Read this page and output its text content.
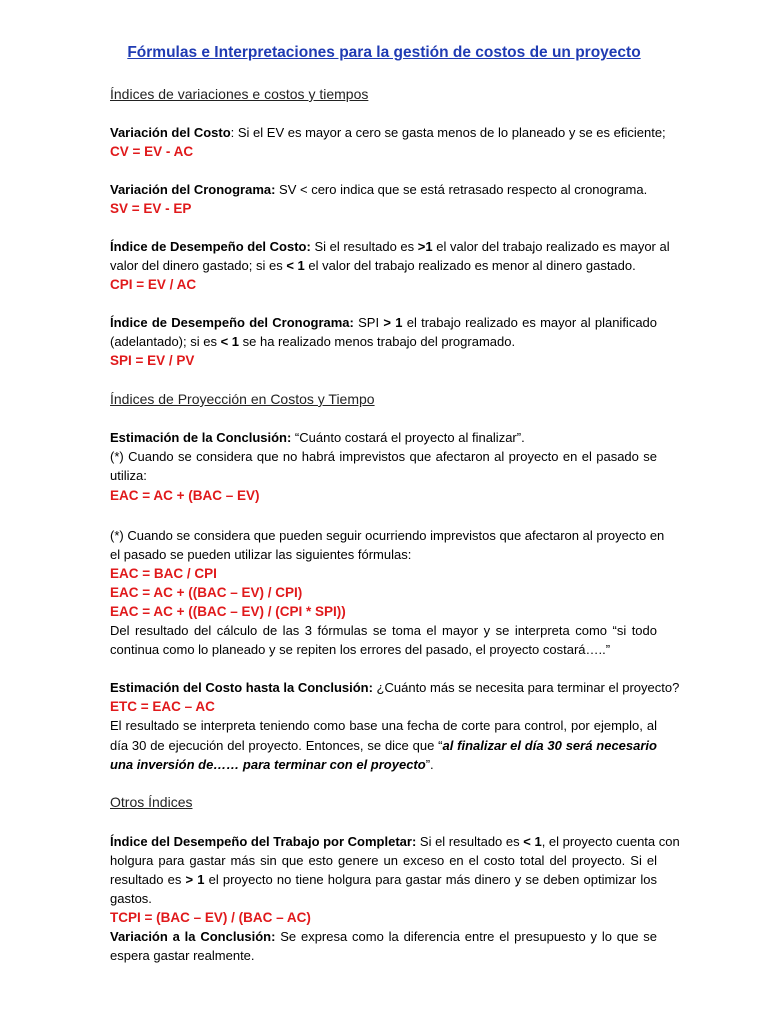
Fórmulas e Interpretaciones para la gestión de costos de un proyecto
Índices de variaciones e costos y tiempos
Variación del Costo: Si el EV es mayor a cero se gasta menos de lo planeado y se es eficiente;
CV = EV - AC
Variación del Cronograma: SV < cero indica que se está retrasado respecto al cronograma.
SV = EV - EP
Índice de Desempeño del Costo: Si el resultado es >1 el valor del trabajo realizado es mayor al
valor del dinero gastado; si es < 1 el valor del trabajo realizado es menor al dinero gastado.
CPI = EV / AC
Índice de Desempeño del Cronograma: SPI > 1 el trabajo realizado es mayor al planificado
(adelantado); si es < 1 se ha realizado menos trabajo del programado.
SPI = EV / PV
Índices de Proyección en Costos y Tiempo
Estimación de la Conclusión: “Cuánto costará el proyecto al finalizar”.
(*) Cuando se considera que no habrá imprevistos que afectaron al proyecto en el pasado se
utiliza:
EAC = AC + (BAC – EV)
(*) Cuando se considera que pueden seguir ocurriendo imprevistos que afectaron al proyecto en
el pasado se pueden utilizar las siguientes fórmulas:
EAC = BAC / CPI
EAC = AC + ((BAC – EV) / CPI)
EAC = AC + ((BAC – EV) / (CPI * SPI))
Del resultado del cálculo de las 3 fórmulas se toma el mayor y se interpreta como “si todo
continua como lo planeado y se repiten los errores del pasado, el proyecto costará…..”
Estimación del Costo hasta la Conclusión: ¿Cuánto más se necesita para terminar el proyecto?
ETC = EAC – AC
El resultado se interpreta teniendo como base una fecha de corte para control, por ejemplo, al
día 30 de ejecución del proyecto. Entonces, se dice que “al finalizar el día 30 será necesario
una inversión de…… para terminar con el proyecto”.
Otros Índices
Índice del Desempeño del Trabajo por Completar: Si el resultado es < 1, el proyecto cuenta con
holgura para gastar más sin que esto genere un exceso en el costo total del proyecto. Si el
resultado es > 1 el proyecto no tiene holgura para gastar más dinero y se deben optimizar los
gastos.
TCPI = (BAC – EV) / (BAC – AC)
Variación a la Conclusión: Se expresa como la diferencia entre el presupuesto y lo que se
espera gastar realmente.
